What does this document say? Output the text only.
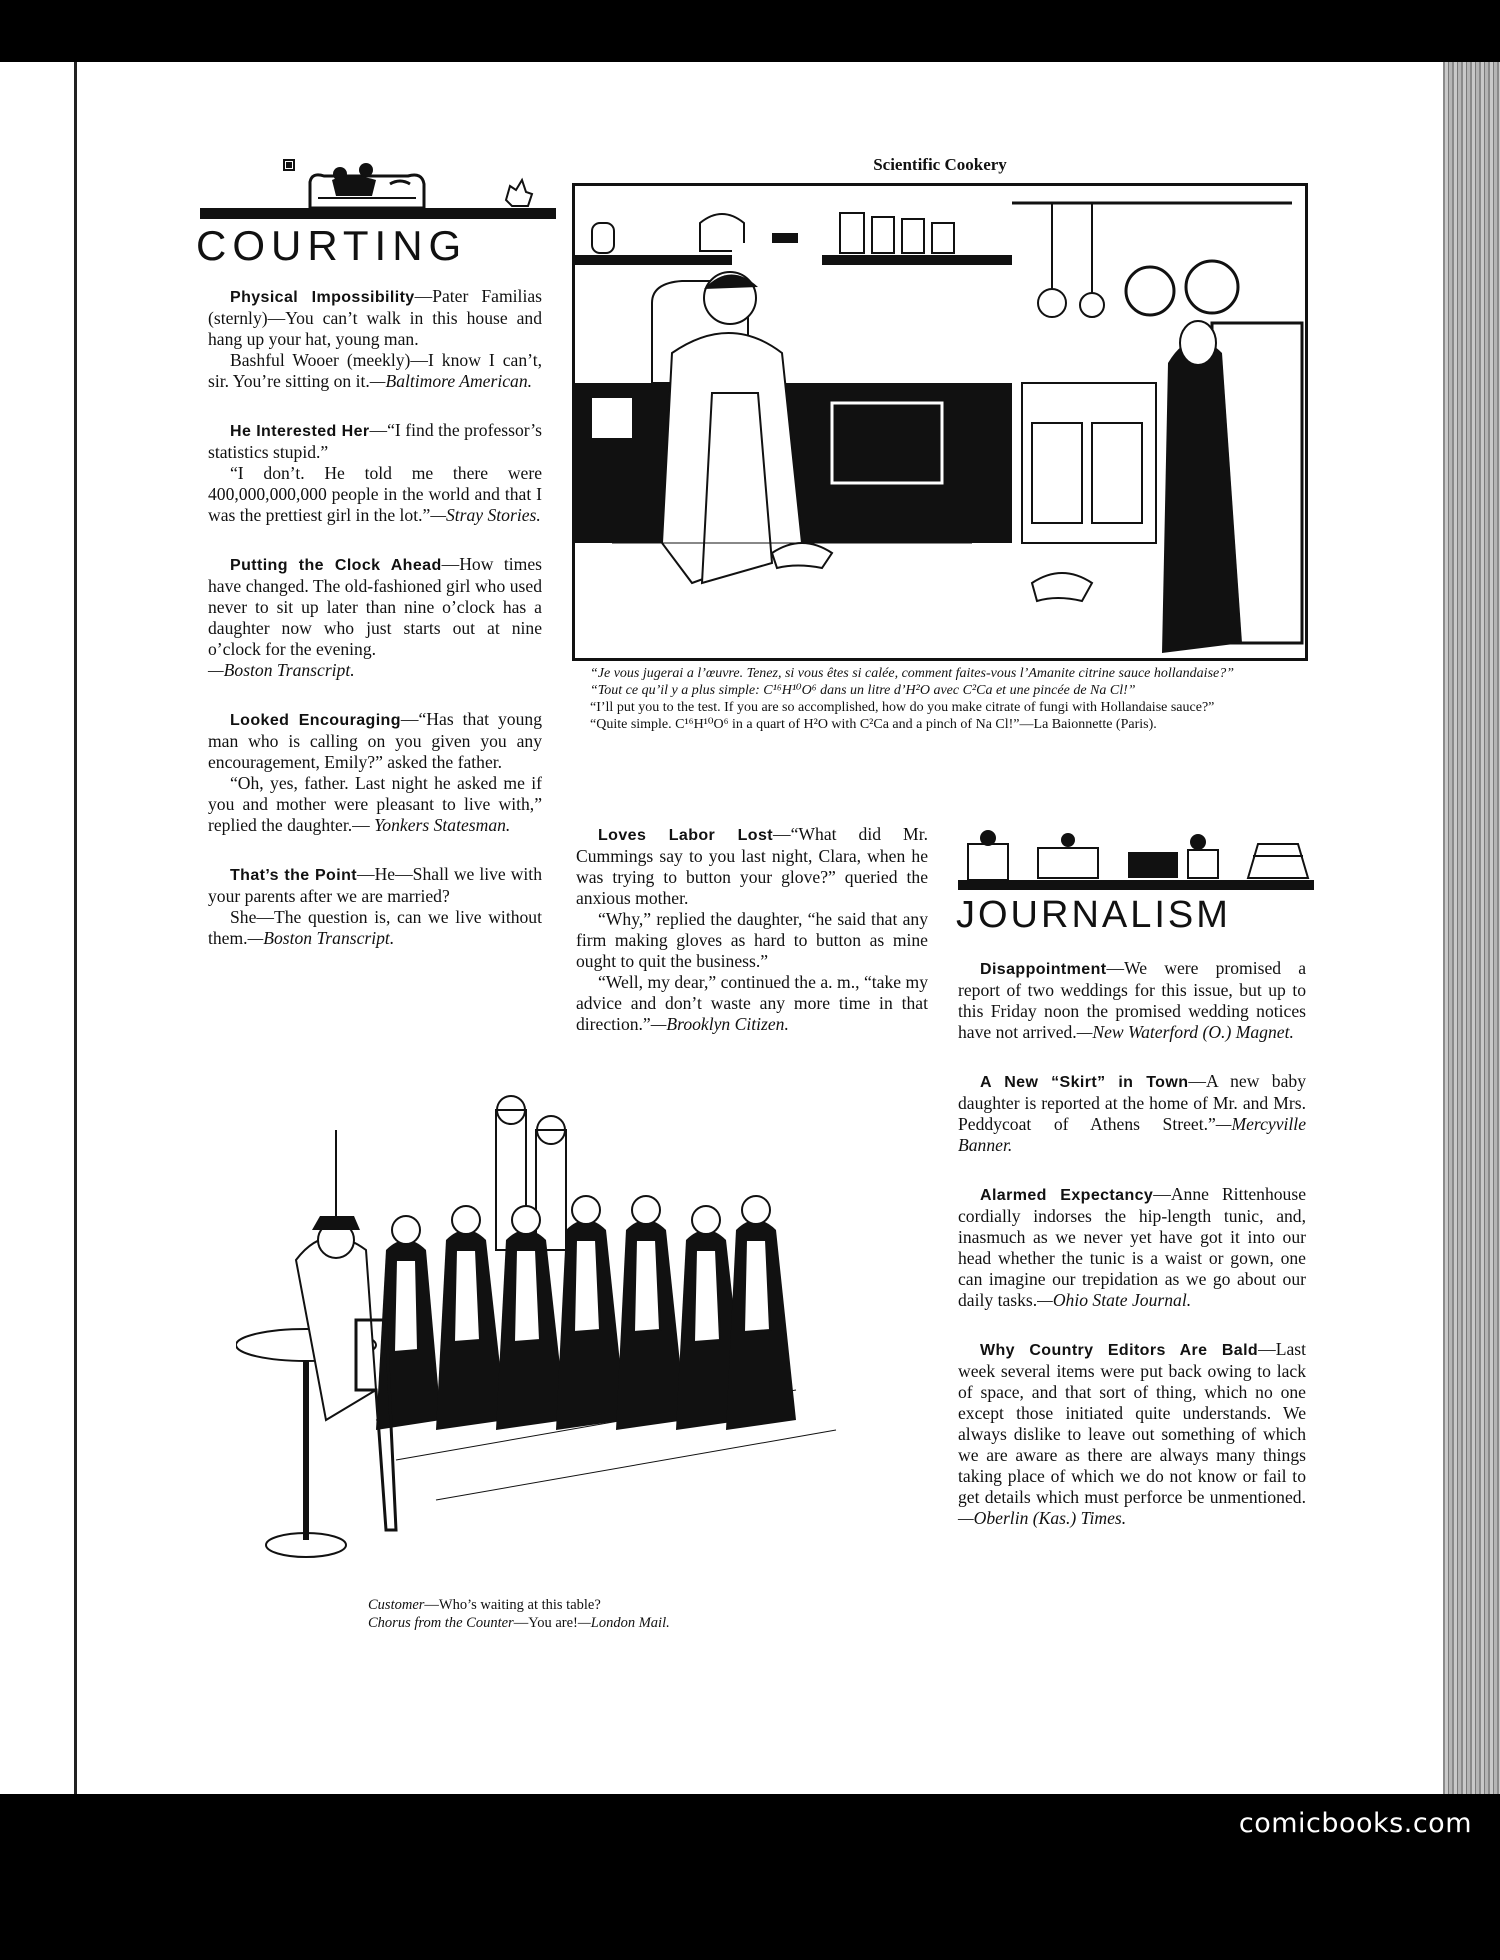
COURTING

Physical Impossibility—Pater Familias (sternly)—You can’t walk in this house and hang up your hat, young man.

Bashful Wooer (meekly)—I know I can’t, sir. You’re sitting on it.—Baltimore American.

He Interested Her—“I find the professor’s statistics stupid.”

“I don’t. He told me there were 400,000,000,000 people in the world and that I was the prettiest girl in the lot.”—Stray Stories.

Putting the Clock Ahead—How times have changed. The old-fashioned girl who used never to sit up later than nine o’clock has a daughter now who just starts out at nine o’clock for the evening.
—Boston Transcript.

Looked Encouraging—“Has that young man who is calling on you given you any encouragement, Emily?” asked the father.

“Oh, yes, father. Last night he asked me if you and mother were pleasant to live with,” replied the daughter.— Yonkers Statesman.

That’s the Point—He—Shall we live with your parents after we are married?

She—The question is, can we live without them.—Boston Transcript.

Scientific Cookery

“Je vous jugerai a l’œuvre. Tenez, si vous êtes si calée, comment faites-vous l’Amanite citrine sauce hollandaise?”

“Tout ce qu’il y a plus simple: C¹⁶H¹⁰O⁶ dans un litre d’H²O avec C²Ca et une pincée de Na Cl!”

“I’ll put you to the test. If you are so accomplished, how do you make citrate of fungi with Hollandaise sauce?”

“Quite simple. C¹⁶H¹⁰O⁶ in a quart of H²O with C²Ca and a pinch of Na Cl!”—La Baionnette (Paris).

Loves Labor Lost—“What did Mr. Cummings say to you last night, Clara, when he was trying to button your glove?” queried the anxious mother.

“Why,” replied the daughter, “he said that any firm making gloves as hard to button as mine ought to quit the business.”

“Well, my dear,” continued the a. m., “take my advice and don’t waste any more time in that direction.”—Brooklyn Citizen.

JOURNALISM

Disappointment—We were promised a report of two weddings for this issue, but up to this Friday noon the promised wedding notices have not arrived.—New Waterford (O.) Magnet.

A New “Skirt” in Town—A new baby daughter is reported at the home of Mr. and Mrs. Peddycoat of Athens Street.”—Mercyville Banner.

Alarmed Expectancy—Anne Rittenhouse cordially indorses the hip-length tunic, and, inasmuch as we never yet have got it into our head whether the tunic is a waist or gown, one can imagine our trepidation as we go about our daily tasks.—Ohio State Journal.

Why Country Editors Are Bald—Last week several items were put back owing to lack of space, and that sort of thing, which no one except those initiated quite understands. We always dislike to leave out something of which we are aware as there are always many things taking place of which we do not know or fail to get details which must perforce be unmentioned.—Oberlin (Kas.) Times.

Customer—Who’s waiting at this table?

Chorus from the Counter—You are!—London Mail.

comicbooks.com
